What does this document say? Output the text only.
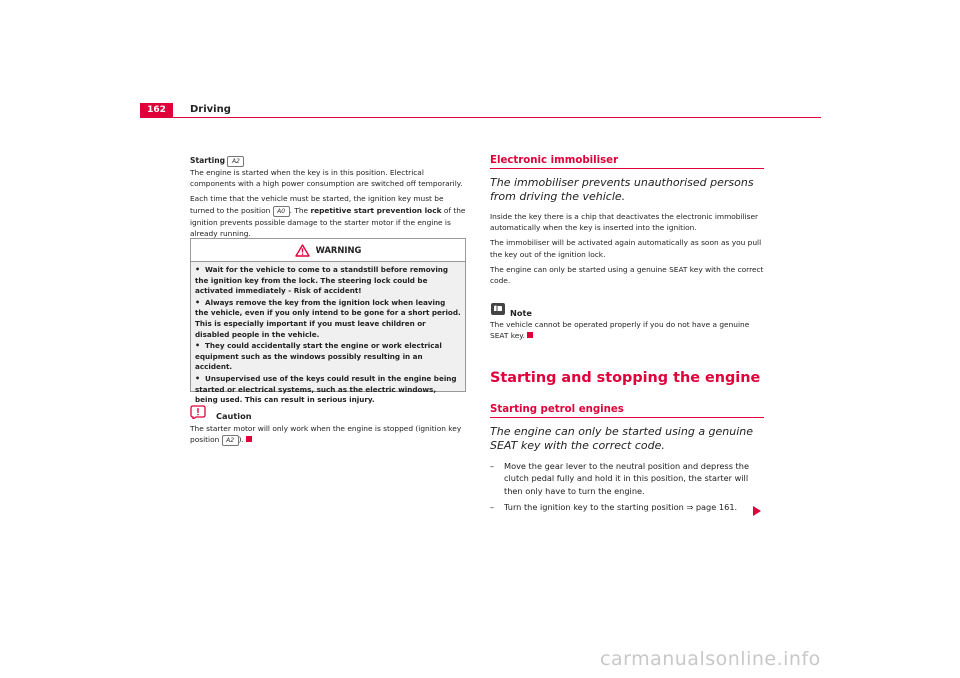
162	Driving

Starting A2
The engine is started when the key is in this position. Electrical components with a high power consumption are switched off temporarily.

Each time that the vehicle must be started, the ignition key must be turned to the position A0 . The repetitive start prevention lock of the ignition prevents possible damage to the starter motor if the engine is already running.

WARNING
• Wait for the vehicle to come to a standstill before removing the ignition key from the lock. The steering lock could be activated immediately - Risk of accident!
• Always remove the key from the ignition lock when leaving the vehicle, even if you only intend to be gone for a short period. This is especially important if you must leave children or disabled people in the vehicle.
• They could accidentally start the engine or work electrical equipment such as the windows possibly resulting in an accident.
• Unsupervised use of the keys could result in the engine being started or electrical systems, such as the electric windows, being used. This can result in serious injury.
Caution
The starter motor will only work when the engine is stopped (ignition key position A2 ).
Electronic immobiliser
The immobiliser prevents unauthorised persons from driving the vehicle.

Inside the key there is a chip that deactivates the electronic immobiliser automatically when the key is inserted into the ignition.

The immobiliser will be activated again automatically as soon as you pull the key out of the ignition lock.

The engine can only be started using a genuine SEAT key with the correct code.

Note
The vehicle cannot be operated properly if you do not have a genuine SEAT key.
Starting and stopping the engine
Starting petrol engines
The engine can only be started using a genuine SEAT key with the correct code.
–	Move the gear lever to the neutral position and depress the clutch pedal fully and hold it in this position, the starter will then only have to turn the engine.
–	Turn the ignition key to the starting position ⇒ page 161.
carmanualsonline.info
